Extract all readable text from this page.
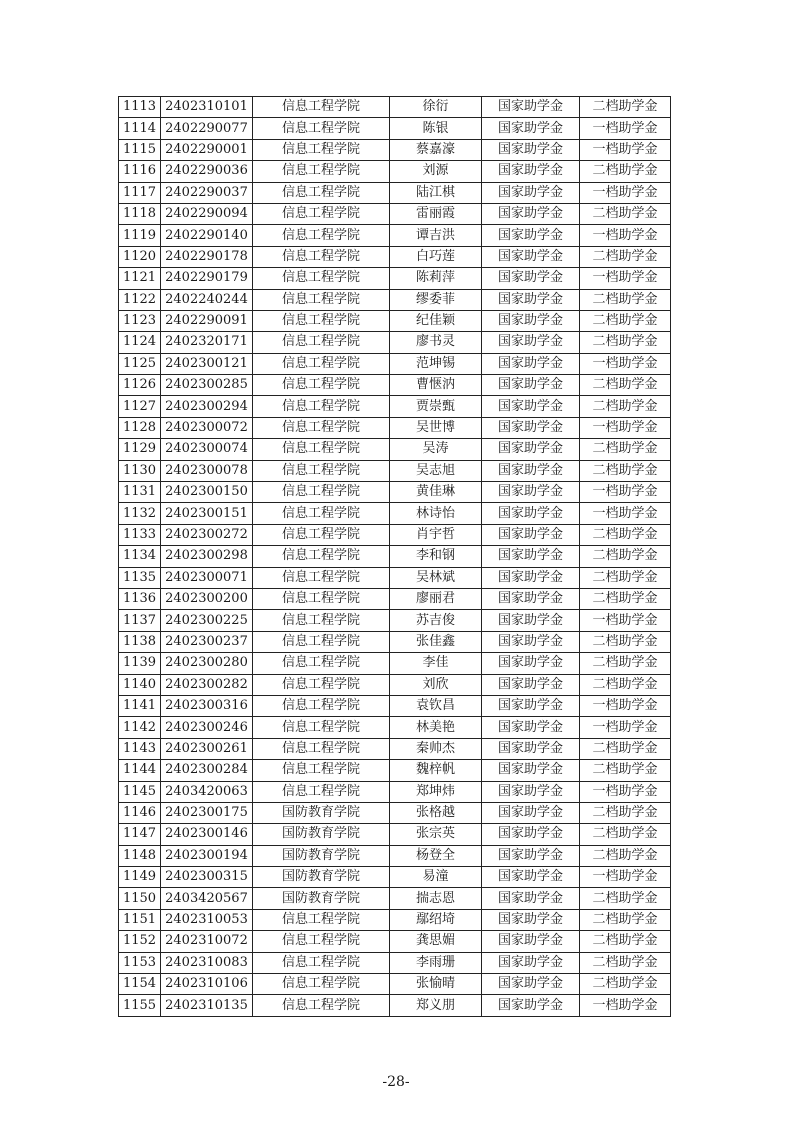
1113	2402310101	信息工程学院	徐衍	国家助学金	二档助学金
1114	2402290077	信息工程学院	陈银	国家助学金	一档助学金
1115	2402290001	信息工程学院	蔡嘉濠	国家助学金	一档助学金
1116	2402290036	信息工程学院	刘源	国家助学金	二档助学金
1117	2402290037	信息工程学院	陆江棋	国家助学金	一档助学金
1118	2402290094	信息工程学院	雷丽霞	国家助学金	二档助学金
1119	2402290140	信息工程学院	谭吉洪	国家助学金	一档助学金
1120	2402290178	信息工程学院	白巧莲	国家助学金	二档助学金
1121	2402290179	信息工程学院	陈莉萍	国家助学金	一档助学金
1122	2402240244	信息工程学院	缪委菲	国家助学金	二档助学金
1123	2402290091	信息工程学院	纪佳颖	国家助学金	二档助学金
1124	2402320171	信息工程学院	廖书灵	国家助学金	二档助学金
1125	2402300121	信息工程学院	范坤锡	国家助学金	一档助学金
1126	2402300285	信息工程学院	曹惬汭	国家助学金	二档助学金
1127	2402300294	信息工程学院	贾崇甄	国家助学金	二档助学金
1128	2402300072	信息工程学院	吴世博	国家助学金	一档助学金
1129	2402300074	信息工程学院	吴涛	国家助学金	二档助学金
1130	2402300078	信息工程学院	吴志旭	国家助学金	二档助学金
1131	2402300150	信息工程学院	黄佳琳	国家助学金	一档助学金
1132	2402300151	信息工程学院	林诗怡	国家助学金	一档助学金
1133	2402300272	信息工程学院	肖宇哲	国家助学金	二档助学金
1134	2402300298	信息工程学院	李和钢	国家助学金	二档助学金
1135	2402300071	信息工程学院	吴林斌	国家助学金	二档助学金
1136	2402300200	信息工程学院	廖丽君	国家助学金	二档助学金
1137	2402300225	信息工程学院	苏吉俊	国家助学金	一档助学金
1138	2402300237	信息工程学院	张佳鑫	国家助学金	二档助学金
1139	2402300280	信息工程学院	李佳	国家助学金	二档助学金
1140	2402300282	信息工程学院	刘欣	国家助学金	二档助学金
1141	2402300316	信息工程学院	袁钦昌	国家助学金	一档助学金
1142	2402300246	信息工程学院	林美艳	国家助学金	一档助学金
1143	2402300261	信息工程学院	秦帅杰	国家助学金	二档助学金
1144	2402300284	信息工程学院	魏梓帆	国家助学金	二档助学金
1145	2403420063	信息工程学院	郑坤炜	国家助学金	一档助学金
1146	2402300175	国防教育学院	张格越	国家助学金	二档助学金
1147	2402300146	国防教育学院	张宗英	国家助学金	二档助学金
1148	2402300194	国防教育学院	杨登全	国家助学金	二档助学金
1149	2402300315	国防教育学院	易潼	国家助学金	一档助学金
1150	2403420567	国防教育学院	揣志恩	国家助学金	二档助学金
1151	2402310053	信息工程学院	鄢绍埼	国家助学金	二档助学金
1152	2402310072	信息工程学院	龚思媚	国家助学金	二档助学金
1153	2402310083	信息工程学院	李雨珊	国家助学金	二档助学金
1154	2402310106	信息工程学院	张愉晴	国家助学金	二档助学金
1155	2402310135	信息工程学院	郑义朋	国家助学金	一档助学金
-28-
